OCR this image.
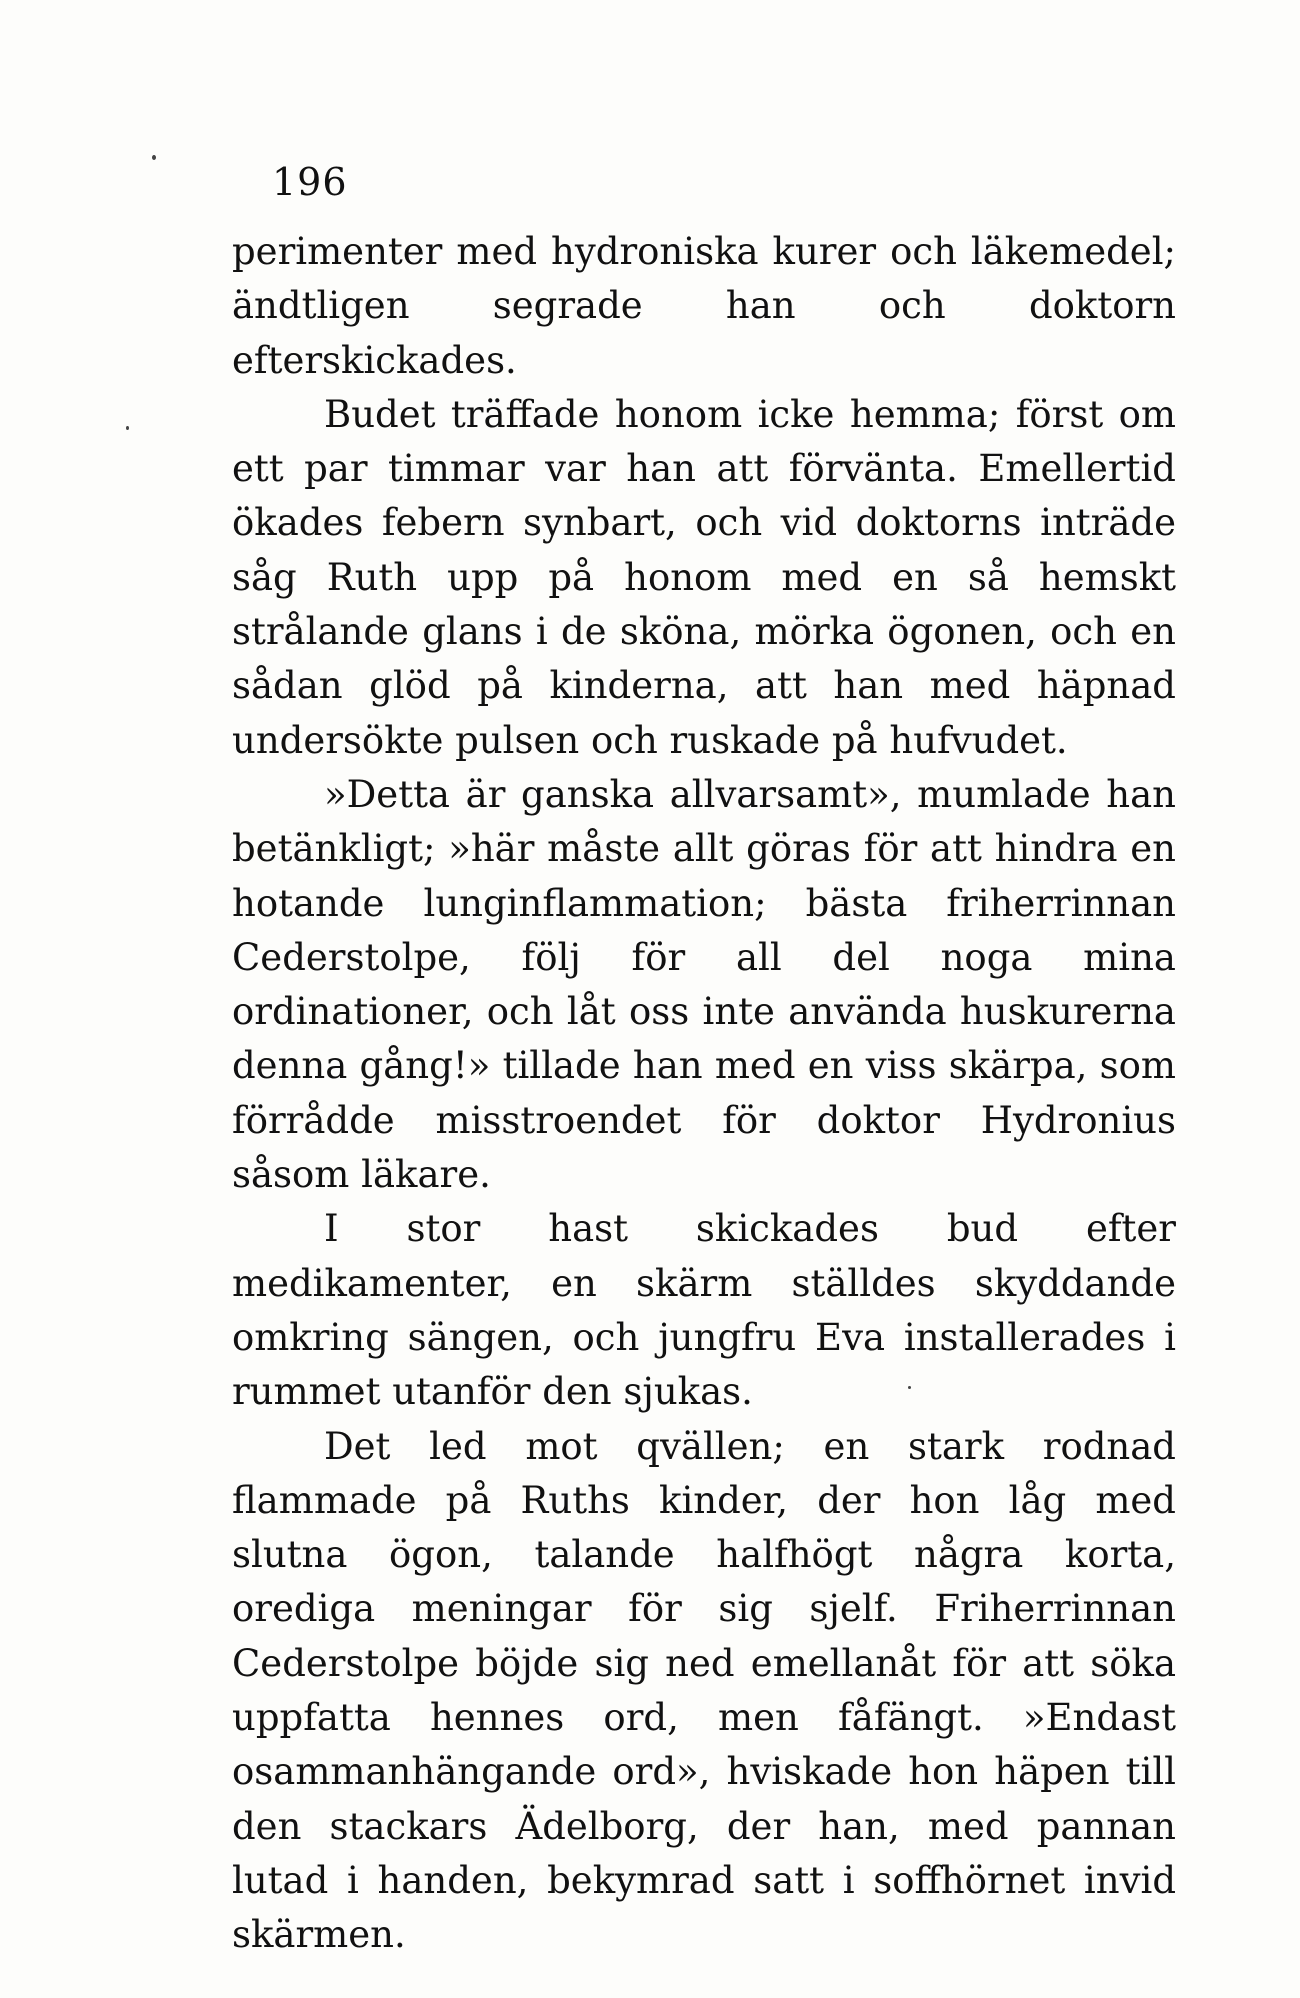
196

perimenter med hydroniska kurer och läkemedel; ändtligen segrade han och doktorn efterskickades.

Budet träffade honom icke hemma; först om ett par timmar var han att förvänta. Emellertid ökades febern synbart, och vid doktorns inträde såg Ruth upp på honom med en så hemskt strålande glans i de sköna, mörka ögonen, och en sådan glöd på kinderna, att han med häpnad undersökte pulsen och ruskade på hufvudet.

»Detta är ganska allvarsamt», mumlade han betänkligt; »här måste allt göras för att hindra en hotande lunginflammation; bästa friherrinnan Cederstolpe, följ för all del noga mina ordinationer, och låt oss inte använda huskurerna denna gång!» tillade han med en viss skärpa, som förrådde misstroendet för doktor Hydronius såsom läkare.

I stor hast skickades bud efter medikamenter, en skärm ställdes skyddande omkring sängen, och jungfru Eva installerades i rummet utanför den sjukas.

Det led mot qvällen; en stark rodnad flammade på Ruths kinder, der hon låg med slutna ögon, talande halfhögt några korta, orediga meningar för sig sjelf. Friherrinnan Cederstolpe böjde sig ned emellanåt för att söka uppfatta hennes ord, men fåfängt. »Endast osammanhängande ord», hviskade hon häpen till den stackars Ädelborg, der han, med pannan lutad i handen, bekymrad satt i soffhörnet invid skärmen.
